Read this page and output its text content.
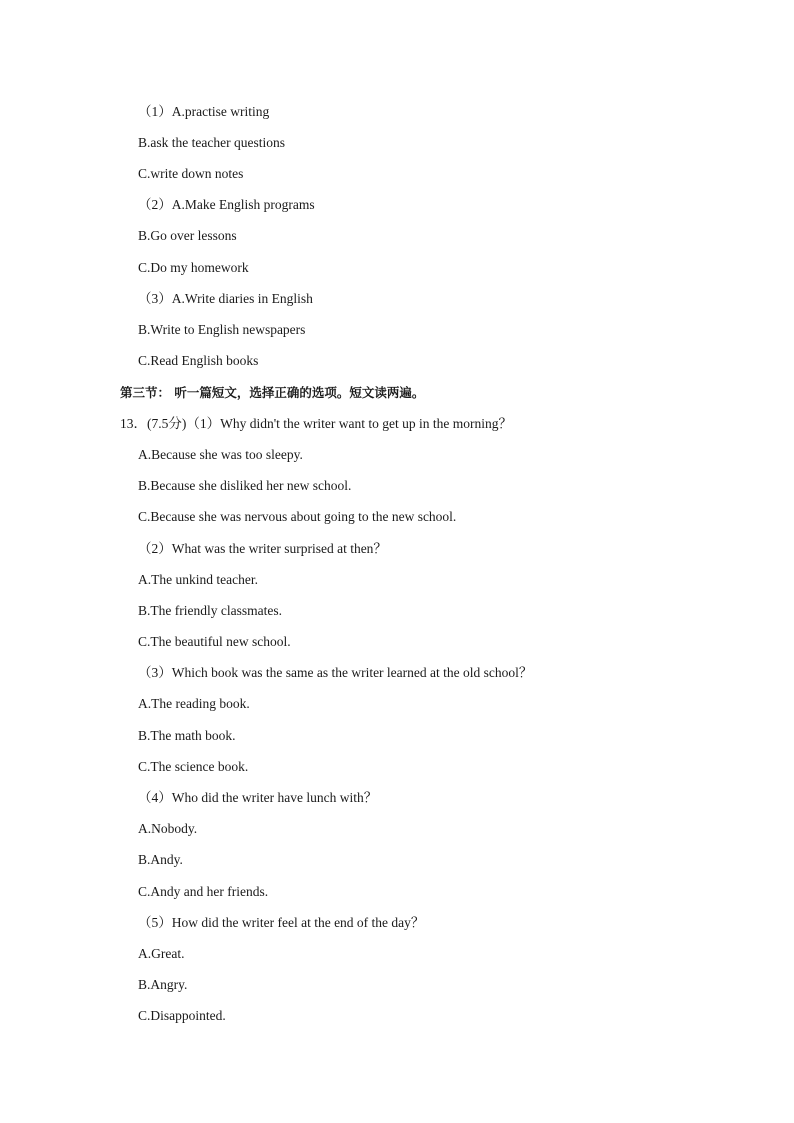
（1）A.practise writing
B.ask the teacher questions
C.write down notes
（2）A.Make English programs
B.Go over lessons
C.Do my homework
（3）A.Write diaries in English
B.Write to English newspapers
C.Read English books
第三节： 听一篇短文，选择正确的选项。短文读两遍。
13．(7.5分)（1）Why didn't the writer want to get up in the morning？
A.Because she was too sleepy.
B.Because she disliked her new school.
C.Because she was nervous about going to the new school.
（2）What was the writer surprised at then？
A.The unkind teacher.
B.The friendly classmates.
C.The beautiful new school.
（3）Which book was the same as the writer learned at the old school？
A.The reading book.
B.The math book.
C.The science book.
（4）Who did the writer have lunch with？
A.Nobody.
B.Andy.
C.Andy and her friends.
（5）How did the writer feel at the end of the day？
A.Great.
B.Angry.
C.Disappointed.
